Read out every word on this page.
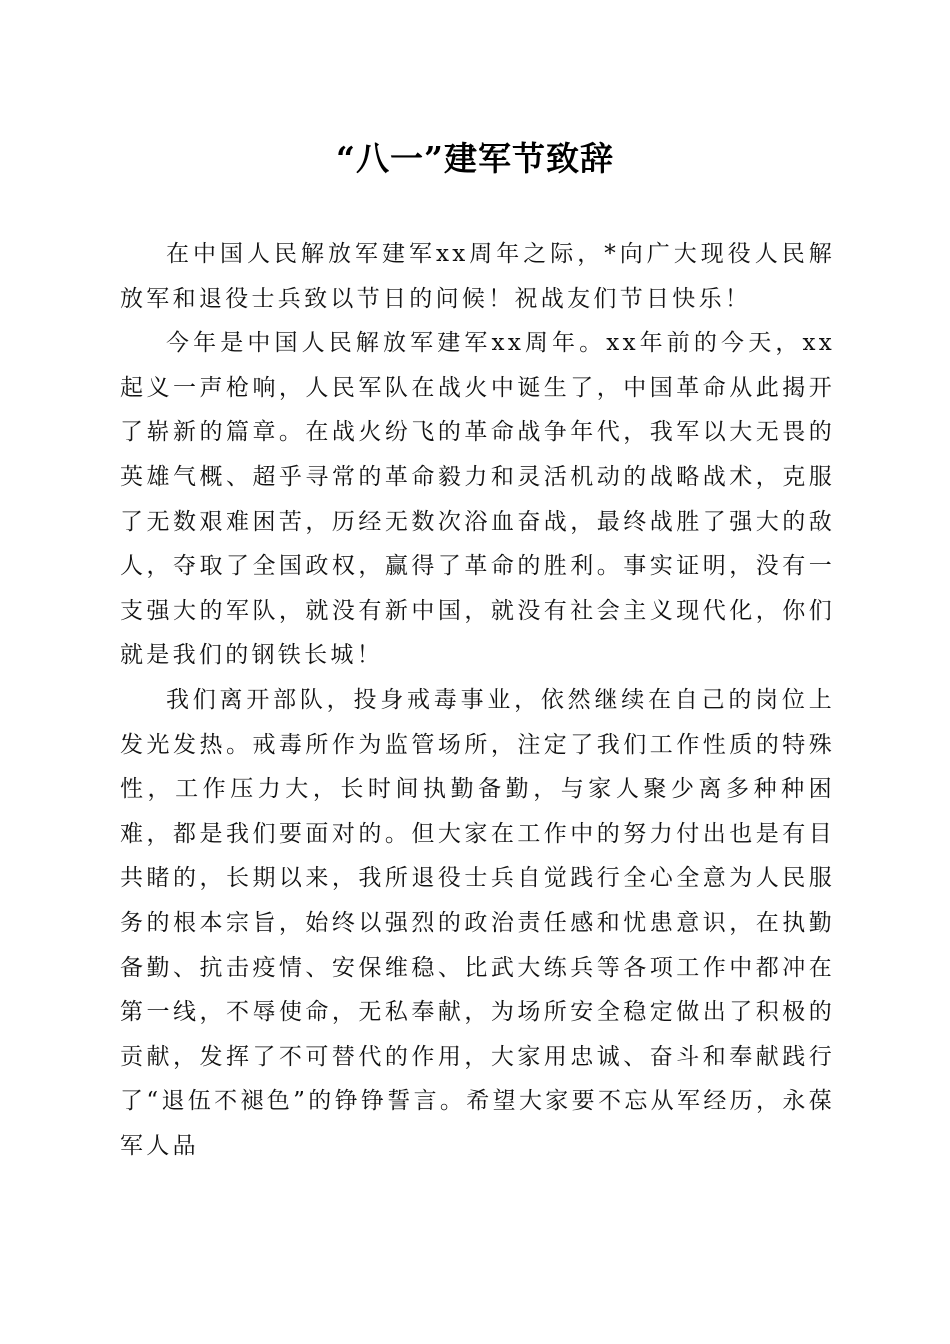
“八一”建军节致辞

在中国人民解放军建军xx周年之际，*向广大现役人民解放军和退役士兵致以节日的问候！祝战友们节日快乐！

今年是中国人民解放军建军xx周年。xx年前的今天，xx起义一声枪响，人民军队在战火中诞生了，中国革命从此揭开了崭新的篇章。在战火纷飞的革命战争年代，我军以大无畏的英雄气概、超乎寻常的革命毅力和灵活机动的战略战术，克服了无数艰难困苦，历经无数次浴血奋战，最终战胜了强大的敌人，夺取了全国政权，赢得了革命的胜利。事实证明，没有一支强大的军队，就没有新中国，就没有社会主义现代化，你们就是我们的钢铁长城！

我们离开部队，投身戒毒事业，依然继续在自己的岗位上发光发热。戒毒所作为监管场所，注定了我们工作性质的特殊性，工作压力大，长时间执勤备勤，与家人聚少离多种种困难，都是我们要面对的。但大家在工作中的努力付出也是有目共睹的，长期以来，我所退役士兵自觉践行全心全意为人民服务的根本宗旨，始终以强烈的政治责任感和忧患意识，在执勤备勤、抗击疫情、安保维稳、比武大练兵等各项工作中都冲在第一线，不辱使命，无私奉献，为场所安全稳定做出了积极的贡献，发挥了不可替代的作用，大家用忠诚、奋斗和奉献践行了“退伍不褪色”的铮铮誓言。希望大家要不忘从军经历，永葆军人品
